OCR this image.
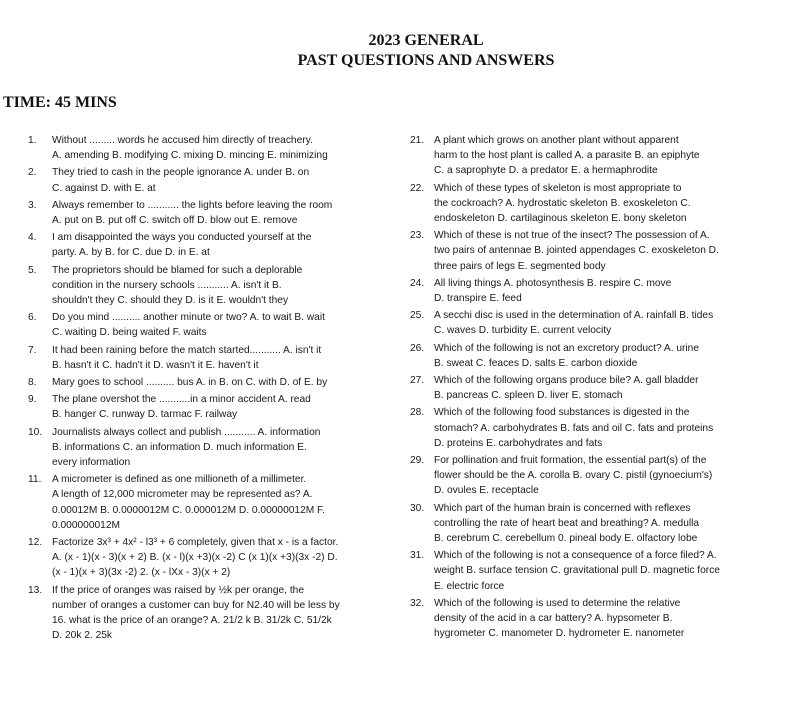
2023 GENERAL
PAST QUESTIONS AND ANSWERS
TIME: 45 MINS
1. Without ......... words he accused him directly of treachery.
A. amending B. modifying C. mixing D. mincing E. minimizing
2. They tried to cash in the people ignorance A. under B. on
C. against D. with E. at
3. Always remember to ........... the lights before leaving the room
A. put on B. put off C. switch off D. blow out E. remove
4. I am disappointed the ways you conducted yourself at the
party. A. by B. for C. due D. in E. at
5. The proprietors should be blamed for such a deplorable
condition in the nursery schools ........... A. isn't it B.
shouldn't they C. should they D. is it E. wouldn't they
6. Do you mind .......... another minute or two? A. to wait B. wait
C. waiting D. being waited F. waits
7. It had been raining before the match started........... A. isn't it
B. hasn't it C. hadn't it D. wasn't it E. haven't it
8. Mary goes to school .......... bus A. in B. on C. with D. of E. by
9. The plane overshot the ...........in a minor accident A. read
B. hanger C. runway D. tarmac F. railway
10. Journalists always collect and publish ........... A. information
B. informations C. an information D. much information E.
every information
11. A micrometer is defined as one millioneth of a millimeter.
A length of 12,000 micrometer may be represented as? A.
0.00012M B. 0.0000012M C. 0.000012M D. 0.00000012M F.
0.000000012M
12. Factorize 3x³ + 4x² - l3³ + 6 completely, given that x - is a factor.
A. (x - 1)(x - 3)(x + 2) B. (x - l)(x +3)(x -2) C (x 1)(x +3)(3x -2) D.
(x - 1)(x + 3)(3x -2) 2. (x - lXx - 3)(x + 2)
13. If the price of oranges was raised by ½k per orange, the
number of oranges a customer can buy for N2.40 will be less by
16. what is the price of an orange? A. 21/2 k B. 31/2k C. 51/2k
D. 20k 2. 25k
21. A plant which grows on another plant without apparent
harm to the host plant is called A. a parasite B. an epiphyte
C. a saprophyte D. a predator E. a hermaphrodite
22. Which of these types of skeleton is most appropriate to
the cockroach? A. hydrostatic skeleton B. exoskeleton C.
endoskeleton D. cartilaginous skeleton E. bony skeleton
23. Which of these is not true of the insect? The possession of A.
two pairs of antennae B. jointed appendages C. exoskeleton D.
three pairs of legs E. segmented body
24. All living things A. photosynthesis B. respire C. move
D. transpire E. feed
25. A secchi disc is used in the determination of A. rainfall B. tides
C. waves D. turbidity E. current velocity
26. Which of the following is not an excretory product? A. urine
B. sweat C. feaces D. salts E. carbon dioxide
27. Which of the following organs produce bile? A. gall bladder
B. pancreas C. spleen D. liver E. stomach
28. Which of the following food substances is digested in the
stomach? A. carbohydrates B. fats and oil C. fats and proteins
D. proteins E. carbohydrates and fats
29. For pollination and fruit formation, the essential part(s) of the
flower should be the A. corolla B. ovary C. pistil (gynoecium's)
D. ovules E. receptacle
30. Which part of the human brain is concerned with reflexes
controlling the rate of heart beat and breathing? A. medulla
B. cerebrum C. cerebellum 0. pineal body E. olfactory lobe
31. Which of the following is not a consequence of a force filed? A.
weight B. surface tension C. gravitational pull D. magnetic force
E. electric force
32. Which of the following is used to determine the relative
density of the acid in a car battery? A. hypsometer B.
hygrometer C. manometer D. hydrometer E. nanometer
